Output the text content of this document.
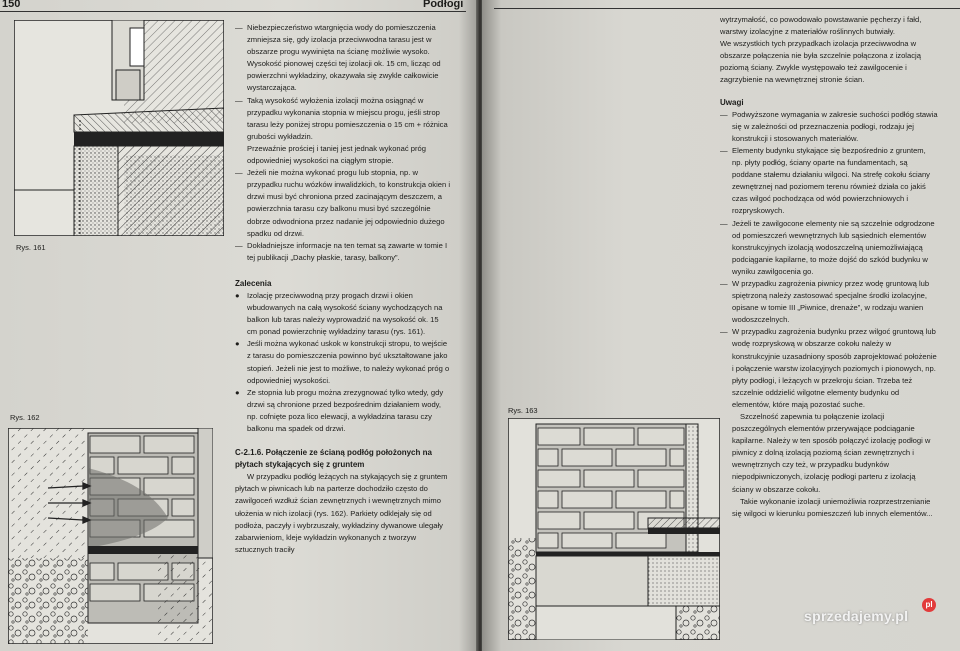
150	Podłogi
Rys. 161
Rys. 162

— Niebezpieczeństwo wtargnięcia wody do pomieszczenia zmniejsza się, gdy izolacja przeciwwodna tarasu jest w obszarze progu wywinięta na ścianę możliwie wysoko. Wysokość pionowej części tej izolacji ok. 15 cm, licząc od powierzchni wykładziny, okazywała się zwykle całkowicie wystarczająca.

— Taką wysokość wyłożenia izolacji można osiągnąć w przypadku wykonania stopnia w miejscu progu, jeśli strop tarasu leży poniżej stropu pomieszczenia o 15 cm + różnica grubości wykładzin.

Przewaźnie prościej i taniej jest jednak wykonać próg odpowiedniej wysokości na ciągłym stropie.

— Jeżeli nie można wykonać progu lub stopnia, np. w przypadku ruchu wózków inwalidzkich, to konstrukcja okien i drzwi musi być chroniona przed zacinającym deszczem, a powierzchnia tarasu czy balkonu musi być szczególnie dobrze odwodniona przez nadanie jej odpowiednio dużego spadku od drzwi.

— Dokładniejsze informacje na ten temat są zawarte w tomie I tej publikacji „Dachy płaskie, tarasy, balkony”.

Zalecenia

● Izolację przeciwwodną przy progach drzwi i okien wbudowanych na całą wysokość ściany wychodzących na balkon lub taras należy wyprowadzić na wysokość ok. 15 cm ponad powierzchnię wykładziny tarasu (rys. 161).

● Jeśli można wykonać uskok w konstrukcji stropu, to wejście z tarasu do pomieszczenia powinno być ukształtowane jako stopień. Jeżeli nie jest to możliwe, to należy wykonać próg o odpowiedniej wysokości.

● Ze stopnia lub progu można zrezygnować tylko wtedy, gdy drzwi są chronione przed bezpośrednim działaniem wody, np. cofnięte poza lico elewacji, a wykładzina tarasu czy balkonu ma spadek od drzwi.

C-2.1.6. Połączenie ze ścianą podłóg położonych na płytach stykających się z gruntem

W przypadku podłóg leżących na stykających się z gruntem płytach w piwnicach lub na parterze dochodziło często do zawilgoceń wzdłuż ścian zewnętrznych i wewnętrznych mimo ułożenia w nich izolacji (rys. 162). Parkiety odklejały się od podłoża, paczyły i wybrzuszały, wykładziny dywanowe ulegały zabarwieniom, kleje wykładzin wykonanych z tworzyw sztucznych traciły

wytrzymałość, co powodowało powstawanie pęcherzy i fałd, warstwy izolacyjne z materiałów roślinnych butwiały.

We wszystkich tych przypadkach izolacja przeciwwodna w obszarze połączenia nie była szczelnie połączona z izolacją poziomą ściany. Zwykle występowało też zawilgocenie i zagrzybienie na wewnętrznej stronie ścian.

Uwagi

— Podwyższone wymagania w zakresie suchości podłóg stawia się w zależności od przeznaczenia podłogi, rodzaju jej konstrukcji i stosowanych materiałów.

— Elementy budynku stykające się bezpośrednio z gruntem, np. płyty podłóg, ściany oparte na fundamentach, są poddane stałemu działaniu wilgoci. Na strefę cokołu ściany zewnętrznej nad poziomem terenu również działa co jakiś czas wilgoć pochodząca od wód powierzchniowych i rozpryskowych.

— Jeżeli te zawilgocone elementy nie są szczelnie odgrodzone od pomieszczeń wewnętrznych lub sąsiednich elementów konstrukcyjnych izolacją wodoszczelną uniemożliwiającą podciąganie kapilarne, to może dojść do szkód budynku w wyniku zawilgocenia go.

— W przypadku zagrożenia piwnicy przez wodę gruntową lub spiętrzoną należy zastosować specjalne środki izolacyjne, opisane w tomie III „Piwnice, drenaże”, w rodzaju wanien wodoszczelnych.

— W przypadku zagrożenia budynku przez wilgoć gruntową lub wodę rozpryskową w obszarze cokołu należy w konstrukcyjnie uzasadniony sposób zaprojektować położenie i połączenie warstw izolacyjnych poziomych i pionowych, np. płyty podłogi, i leżących w przekroju ścian. Trzeba też szczelnie oddzielić wilgotne elementy budynku od elementów, które mają pozostać suche.

Szczelność zapewnia tu połączenie izolacji poszczególnych elementów przerywające podciąganie kapilarne. Należy w ten sposób połączyć izolację podłogi w piwnicy z dolną izolacją poziomą ścian zewnętrznych i wewnętrznych czy też, w przypadku budynków niepodpiwniczonych, izolację podłogi parteru z izolacją ściany w obszarze cokołu.

Takie wykonanie izolacji uniemożliwia rozprzestrzenianie się wilgoci w kierunku pomieszczeń lub innych elementów...

Rys. 163
sprzedajemy.pl
pl
